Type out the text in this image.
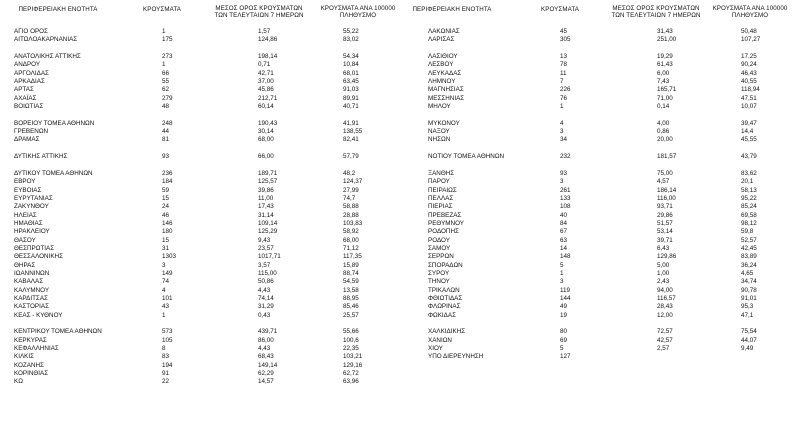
ΠΕΡΙΦΕΡΕΙΑΚΗ ΕΝΟΤΗΤΑ	ΚΡΟΥΣΜΑΤΑ	ΜΕΣΟΣ ΟΡΟΣ ΚΡΟΥΣΜΑΤΩΝ
ΤΩΝ ΤΕΛΕΥΤΑΙΩΝ 7 ΗΜΕΡΩΝ
ΚΡΟΥΣΜΑΤΑ ΑΝΑ 100000
ΠΛΗΘΥΣΜΟ
ΑΓΙΟ ΟΡΟΣ	1	1,57	55,22
ΑΙΤΩΛΟΑΚΑΡΝΑΝΙΑΣ	175	124,86	83,02
ΑΝΑΤΟΛΙΚΗΣ ΑΤΤΙΚΗΣ	273	198,14	54,34
ΑΝΔΡΟΥ	1	0,71	10,84
ΑΡΓΟΛΙΔΑΣ	66	42,71	68,01
ΑΡΚΑΔΙΑΣ	55	37,00	63,45
ΑΡΤΑΣ	62	45,86	91,03
ΑΧΑΪΑΣ	279	212,71	89,91
ΒΟΙΩΤΙΑΣ	48	60,14	40,71
ΒΟΡΕΙΟΥ ΤΟΜΕΑ ΑΘΗΝΩΝ	248	190,43	41,91
ΓΡΕΒΕΝΩΝ	44	30,14	138,55
ΔΡΑΜΑΣ	81	68,00	82,41
ΔΥΤΙΚΗΣ ΑΤΤΙΚΗΣ	93	66,00	57,79
ΔΥΤΙΚΟΥ ΤΟΜΕΑ ΑΘΗΝΩΝ	236	189,71	48,2
ΕΒΡΟΥ	184	125,57	124,37
ΕΥΒΟΙΑΣ	59	39,86	27,99
ΕΥΡΥΤΑΝΙΑΣ	15	11,00	74,7
ΖΑΚΥΝΘΟΥ	24	17,43	58,88
ΗΛΕΙΑΣ	46	31,14	28,88
ΗΜΑΘΙΑΣ	146	109,14	103,83
ΗΡΑΚΛΕΙΟΥ	180	125,29	58,92
ΘΑΣΟΥ	15	9,43	68,00
ΘΕΣΠΡΩΤΙΑΣ	31	23,57	71,12
ΘΕΣΣΑΛΟΝΙΚΗΣ	1303	1017,71	117,35
ΘΗΡΑΣ	3	3,57	15,89
ΙΩΑΝΝΙΝΩΝ	149	115,00	88,74
ΚΑΒΑΛΑΣ	74	50,86	54,59
ΚΑΛΥΜΝΟΥ	4	4,43	13,58
ΚΑΡΔΙΤΣΑΣ	101	74,14	88,95
ΚΑΣΤΟΡΙΑΣ	43	31,29	85,46
ΚΕΑΣ - ΚΥΘΝΟΥ	1	0,43	25,57
ΚΕΝΤΡΙΚΟΥ ΤΟΜΕΑ ΑΘΗΝΩΝ	573	439,71	55,66
ΚΕΡΚΥΡΑΣ	105	86,00	100,6
ΚΕΦΑΛΛΗΝΙΑΣ	8	4,43	22,35
ΚΙΛΚΙΣ	83	68,43	103,21
ΚΟΖΑΝΗΣ	194	149,14	129,16
ΚΟΡΙΝΘΙΑΣ	91	62,29	62,72
ΚΩ	22	14,57	63,96
ΠΕΡΙΦΕΡΕΙΑΚΗ ΕΝΟΤΗΤΑ	ΚΡΟΥΣΜΑΤΑ	ΜΕΣΟΣ ΟΡΟΣ ΚΡΟΥΣΜΑΤΩΝ
ΤΩΝ ΤΕΛΕΥΤΑΙΩΝ 7 ΗΜΕΡΩΝ
ΚΡΟΥΣΜΑΤΑ ΑΝΑ 100000
ΠΛΗΘΥΣΜΟ
ΛΑΚΩΝΙΑΣ	45	31,43	50,48
ΛΑΡΙΣΑΣ	305	251,00	107,27
ΛΑΣΙΘΙΟΥ	13	19,29	17,25
ΛΕΣΒΟΥ	78	61,43	90,24
ΛΕΥΚΑΔΑΣ	11	6,00	46,43
ΛΗΜΝΟΥ	7	7,43	40,55
ΜΑΓΝΗΣΙΑΣ	226	165,71	118,94
ΜΕΣΣΗΝΙΑΣ	76	71,00	47,51
ΜΗΛΟΥ	1	0,14	10,07
ΜΥΚΟΝΟΥ	4	4,00	39,47
ΝΑΞΟΥ	3	0,86	14,4
ΝΗΣΩΝ	34	20,00	45,55
ΝΟΤΙΟΥ ΤΟΜΕΑ ΑΘΗΝΩΝ	232	181,57	43,79
ΞΑΝΘΗΣ	93	75,00	83,62
ΠΑΡΟΥ	3	4,57	20,1
ΠΕΙΡΑΙΩΣ	261	186,14	58,13
ΠΕΛΛΑΣ	133	116,00	95,22
ΠΙΕΡΙΑΣ	108	93,71	85,24
ΠΡΕΒΕΖΑΣ	40	29,86	69,58
ΡΕΘΥΜΝΟΥ	84	51,57	98,12
ΡΟΔΟΠΗΣ	67	53,14	59,8
ΡΟΔΟΥ	63	39,71	52,57
ΣΑΜΟΥ	14	6,43	42,45
ΣΕΡΡΩΝ	148	129,86	83,89
ΣΠΟΡΑΔΩΝ	5	5,00	36,24
ΣΥΡΟΥ	1	1,00	4,65
ΤΗΝΟΥ	3	2,43	34,74
ΤΡΙΚΑΛΩΝ	119	94,00	90,78
ΦΘΙΩΤΙΔΑΣ	144	116,57	91,01
ΦΛΩΡΙΝΑΣ	49	28,43	95,3
ΦΩΚΙΔΑΣ	19	12,00	47,1
ΧΑΛΚΙΔΙΚΗΣ	80	72,57	75,54
ΧΑΝΙΩΝ	69	42,57	44,07
ΧΙΟΥ	5	2,57	9,49
ΥΠΟ ΔΙΕΡΕΥΝΗΣΗ	127
